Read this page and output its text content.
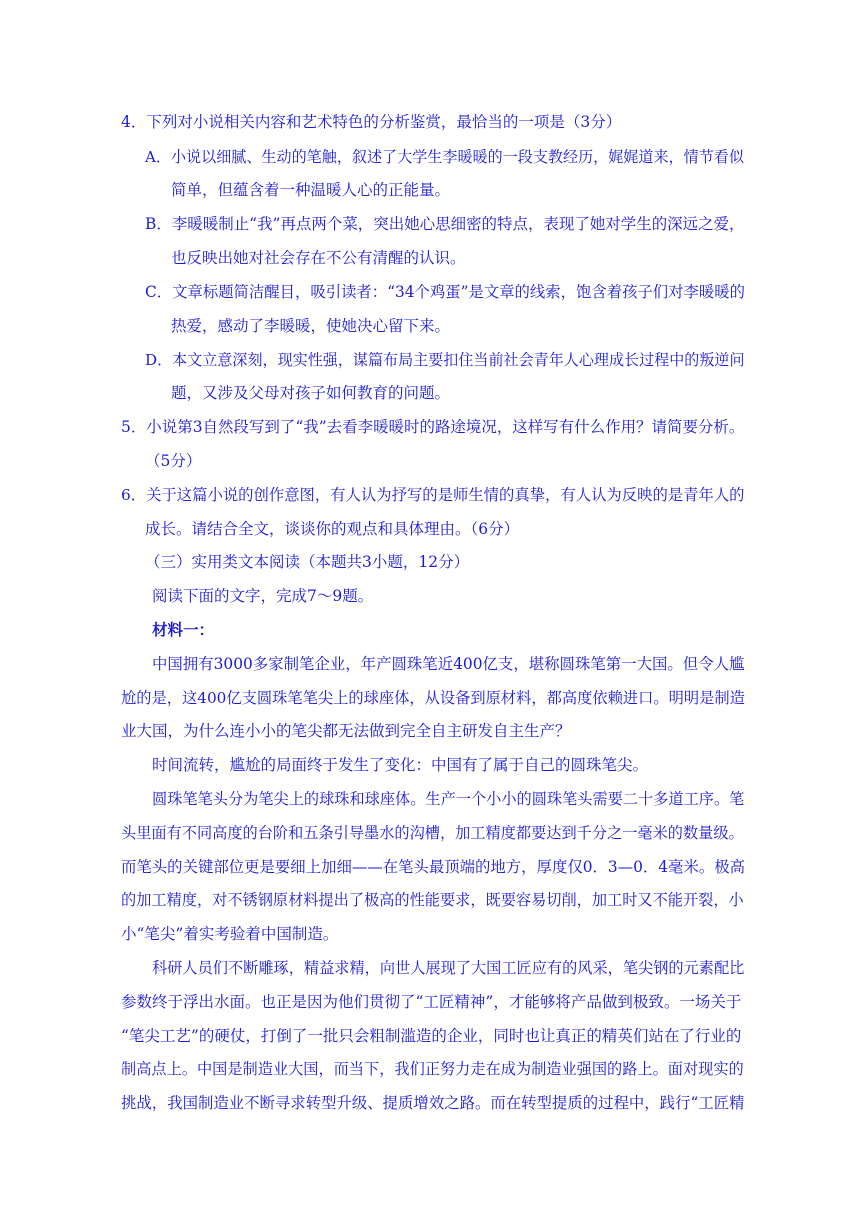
4．下列对小说相关内容和艺术特色的分析鉴赏，最恰当的一项是（3分）
A．小说以细腻、生动的笔触，叙述了大学生李暖暖的一段支教经历，娓娓道来，情节看似
简单，但蕴含着一种温暖人心的正能量。
B．李暖暖制止“我”再点两个菜，突出她心思细密的特点，表现了她对学生的深远之爱，
也反映出她对社会存在不公有清醒的认识。
C．文章标题简洁醒目，吸引读者：“34个鸡蛋”是文章的线索，饱含着孩子们对李暖暖的
热爱，感动了李暖暖，使她决心留下来。
D．本文立意深刻，现实性强，谋篇布局主要扣住当前社会青年人心理成长过程中的叛逆问
题，又涉及父母对孩子如何教育的问题。
5．小说第3自然段写到了“我”去看李暖暖时的路途境况，这样写有什么作用？请简要分析。
（5分）
6．关于这篇小说的创作意图，有人认为抒写的是师生情的真挚，有人认为反映的是青年人的
成长。请结合全文，谈谈你的观点和具体理由。（6分）
（三）实用类文本阅读（本题共3小题，12分）
阅读下面的文字，完成7～9题。
材料一：
中国拥有3000多家制笔企业，年产圆珠笔近400亿支，堪称圆珠笔第一大国。但令人尴
尬的是，这400亿支圆珠笔笔尖上的球座体，从设备到原材料，都高度依赖进口。明明是制造
业大国，为什么连小小的笔尖都无法做到完全自主研发自主生产？
时间流转，尴尬的局面终于发生了变化：中国有了属于自己的圆珠笔尖。
圆珠笔笔头分为笔尖上的球珠和球座体。生产一个小小的圆珠笔头需要二十多道工序。笔
头里面有不同高度的台阶和五条引导墨水的沟槽，加工精度都要达到千分之一毫米的数量级。
而笔头的关键部位更是要细上加细——在笔头最顶端的地方，厚度仅0．3—0．4毫米。极高
的加工精度，对不锈钢原材料提出了极高的性能要求，既要容易切削，加工时又不能开裂，小
小“笔尖”着实考验着中国制造。
科研人员们不断雕琢，精益求精，向世人展现了大国工匠应有的风采，笔尖钢的元素配比
参数终于浮出水面。也正是因为他们贯彻了“工匠精神”，才能够将产品做到极致。一场关于
“笔尖工艺”的硬仗，打倒了一批只会粗制滥造的企业，同时也让真正的精英们站在了行业的
制高点上。中国是制造业大国，而当下，我们正努力走在成为制造业强国的路上。面对现实的
挑战，我国制造业不断寻求转型升级、提质增效之路。而在转型提质的过程中，践行“工匠精
